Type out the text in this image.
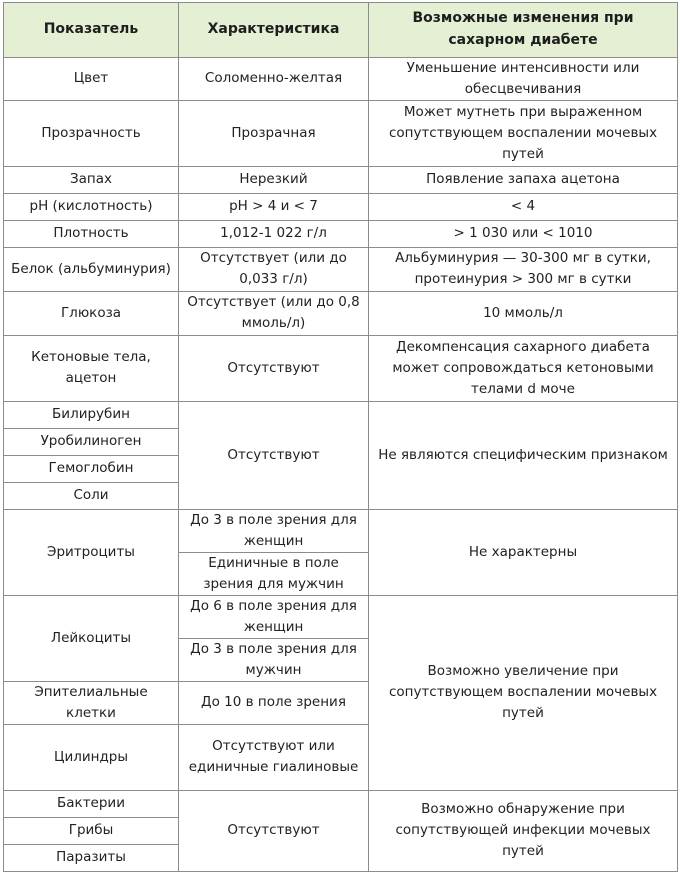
Показатель	Характеристика	Возможные изменения при сахарном диабете
Цвет	Соломенно-желтая	Уменьшение интенсивности или обесцвечивания
Прозрачность	Прозрачная	Может мутнеть при выраженном сопутствующем воспалении мочевых путей
Запах	Нерезкий	Появление запаха ацетона
pH (кислотность)	pH > 4 и < 7	< 4
Плотность	1,012-1 022 г/л	> 1 030 или < 1010
Белок (альбуминурия)	Отсутствует (или до 0,033 г/л)	Альбуминурия — 30-300 мг в сутки, протеинурия > 300 мг в сутки
Глюкоза	Отсутствует (или до 0,8 ммоль/л)	10 ммоль/л
Кетоновые тела, ацетон	Отсутствуют	Декомпенсация сахарного диабета может сопровождаться кетоновыми телами d моче
Билирубин	Отсутствуют	Не являются специфическим признаком
Уробилиноген		
Гемоглобин		
Соли		
Эритроциты	До 3 в поле зрения для женщин	Не характерны
	Единичные в поле зрения для мужчин	
Лейкоциты	До 6 в поле зрения для женщин	Возможно увеличение при сопутствующем воспалении мочевых путей
	До 3 в поле зрения для мужчин	
Эпителиальные клетки	До 10 в поле зрения	
Цилиндры	Отсутствуют или единичные гиалиновые	
Бактерии	Отсутствуют	Возможно обнаружение при сопутствующей инфекции мочевых путей
Грибы		
Паразиты		
